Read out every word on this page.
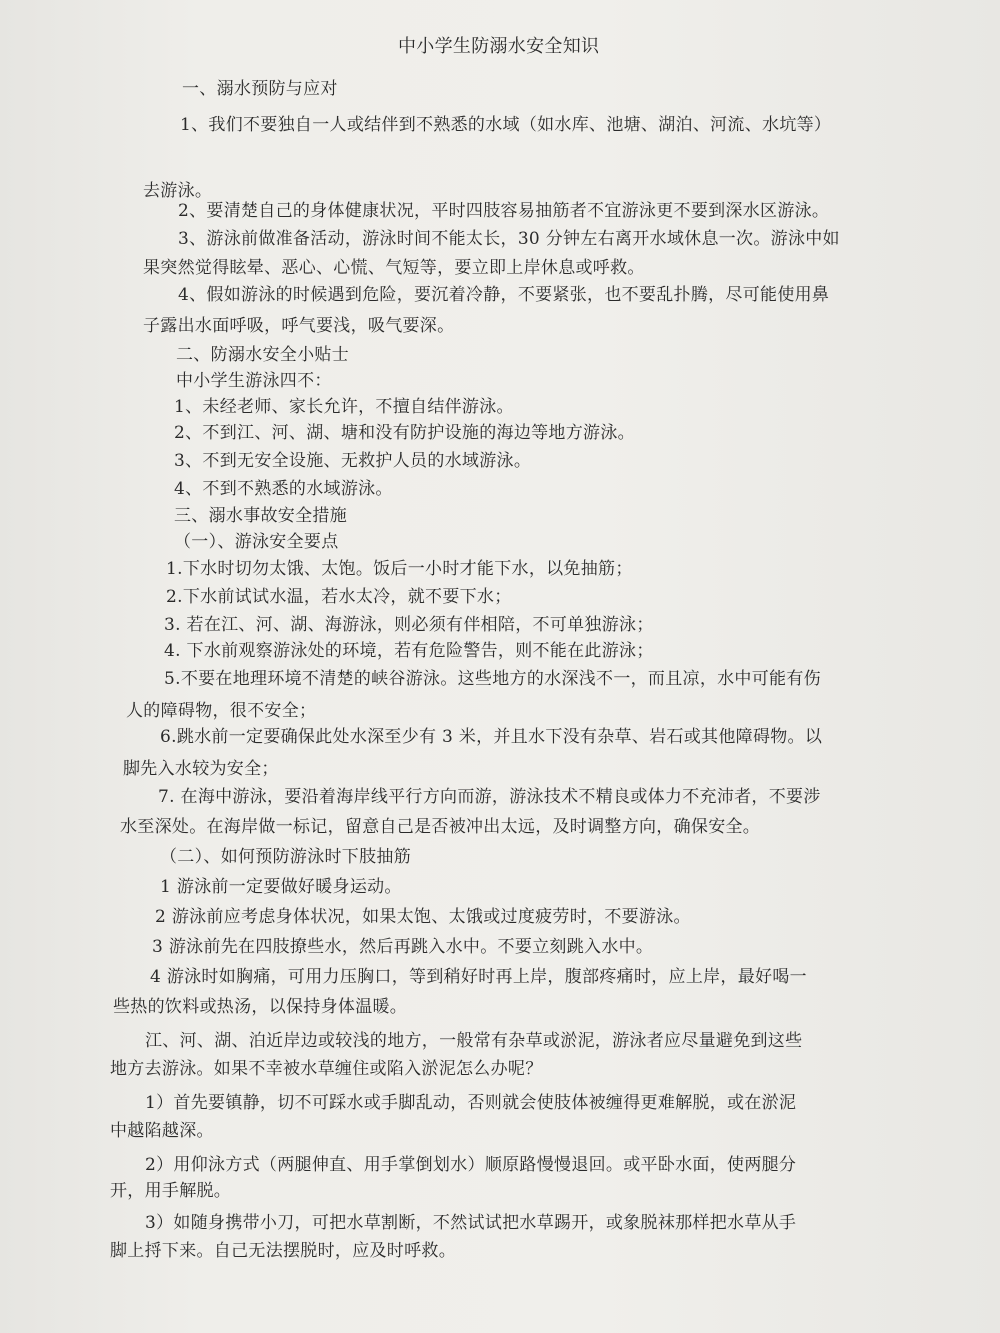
中小学生防溺水安全知识
一、溺水预防与应对
1、我们不要独自一人或结伴到不熟悉的水域（如水库、池塘、湖泊、河流、水坑等）
去游泳。
2、要清楚自己的身体健康状况，平时四肢容易抽筋者不宜游泳更不要到深水区游泳。
3、游泳前做准备活动，游泳时间不能太长，30 分钟左右离开水域休息一次。游泳中如
果突然觉得眩晕、恶心、心慌、气短等，要立即上岸休息或呼救。
4、假如游泳的时候遇到危险，要沉着冷静，不要紧张，也不要乱扑腾，尽可能使用鼻
子露出水面呼吸，呼气要浅，吸气要深。
二、防溺水安全小贴士
中小学生游泳四不：
1、未经老师、家长允许，不擅自结伴游泳。
2、不到江、河、湖、塘和没有防护设施的海边等地方游泳。
3、不到无安全设施、无救护人员的水域游泳。
4、不到不熟悉的水域游泳。
三、溺水事故安全措施
（一）、游泳安全要点
1.下水时切勿太饿、太饱。饭后一小时才能下水，以免抽筋；
2.下水前试试水温，若水太冷，就不要下水；
3. 若在江、河、湖、海游泳，则必须有伴相陪，不可单独游泳；
4. 下水前观察游泳处的环境，若有危险警告，则不能在此游泳；
5.不要在地理环境不清楚的峡谷游泳。这些地方的水深浅不一，而且凉，水中可能有伤
人的障碍物，很不安全；
6.跳水前一定要确保此处水深至少有 3 米，并且水下没有杂草、岩石或其他障碍物。以
脚先入水较为安全；
7. 在海中游泳，要沿着海岸线平行方向而游，游泳技术不精良或体力不充沛者，不要涉
水至深处。在海岸做一标记，留意自己是否被冲出太远，及时调整方向，确保安全。
（二）、如何预防游泳时下肢抽筋
1 游泳前一定要做好暖身运动。
2 游泳前应考虑身体状况，如果太饱、太饿或过度疲劳时，不要游泳。
3 游泳前先在四肢撩些水，然后再跳入水中。不要立刻跳入水中。
4 游泳时如胸痛，可用力压胸口，等到稍好时再上岸，腹部疼痛时，应上岸，最好喝一
些热的饮料或热汤，以保持身体温暖。
江、河、湖、泊近岸边或较浅的地方，一般常有杂草或淤泥，游泳者应尽量避免到这些
地方去游泳。如果不幸被水草缠住或陷入淤泥怎么办呢？
1）首先要镇静，切不可踩水或手脚乱动，否则就会使肢体被缠得更难解脱，或在淤泥
中越陷越深。
2）用仰泳方式（两腿伸直、用手掌倒划水）顺原路慢慢退回。或平卧水面，使两腿分
开，用手解脱。
3）如随身携带小刀，可把水草割断，不然试试把水草踢开，或象脱袜那样把水草从手
脚上捋下来。自己无法摆脱时，应及时呼救。
